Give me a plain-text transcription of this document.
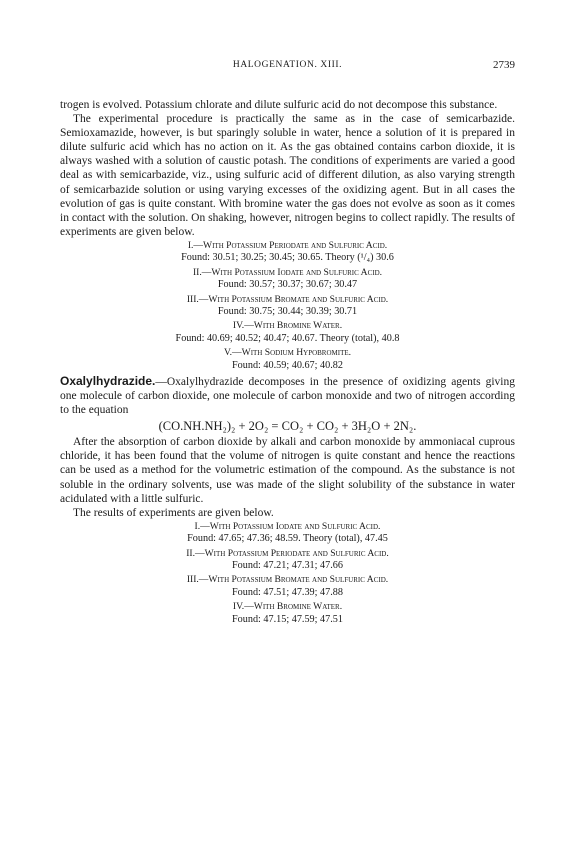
HALOGENATION. XIII.	2739

trogen is evolved. Potassium chlorate and dilute sulfuric acid do not decompose this substance.

The experimental procedure is practically the same as in the case of semicarbazide. Semioxamazide, however, is but sparingly soluble in water, hence a solution of it is prepared in dilute sulfuric acid which has no action on it. As the gas obtained contains carbon dioxide, it is always washed with a solution of caustic potash. The conditions of experiments are varied a good deal as with semicarbazide, viz., using sulfuric acid of different dilution, as also varying strength of semicarbazide solution or using varying excesses of the oxidizing agent. But in all cases the evolution of gas is quite constant. With bromine water the gas does not evolve as soon as it comes in contact with the solution. On shaking, however, nitrogen begins to collect rapidly. The results of experiments are given below.

I.—With Potassium Periodate and Sulfuric Acid.
Found: 30.51; 30.25; 30.45; 30.65. Theory (¹/₄) 30.6
II.—With Potassium Iodate and Sulfuric Acid.
Found: 30.57; 30.37; 30.67; 30.47
III.—With Potassium Bromate and Sulfuric Acid.
Found: 30.75; 30.44; 30.39; 30.71
IV.—With Bromine Water.
Found: 40.69; 40.52; 40.47; 40.67. Theory (total), 40.8
V.—With Sodium Hypobromite.
Found: 40.59; 40.67; 40.82

Oxalylhydrazide.—Oxalylhydrazide decomposes in the presence of oxidizing agents giving one molecule of carbon dioxide, one molecule of carbon monoxide and two of nitrogen according to the equation

(CO.NH.NH₂)₂ + 2O₂ = CO₂ + CO₂ + 3H₂O + 2N₂.

After the absorption of carbon dioxide by alkali and carbon monoxide by ammoniacal cuprous chloride, it has been found that the volume of nitrogen is quite constant and hence the reactions can be used as a method for the volumetric estimation of the compound. As the substance is not soluble in the ordinary solvents, use was made of the slight solubility of the substance in water acidulated with a little sulfuric.

The results of experiments are given below.

I.—With Potassium Iodate and Sulfuric Acid.
Found: 47.65; 47.36; 48.59. Theory (total), 47.45
II.—With Potassium Periodate and Sulfuric Acid.
Found: 47.21; 47.31; 47.66
III.—With Potassium Bromate and Sulfuric Acid.
Found: 47.51; 47.39; 47.88
IV.—With Bromine Water.
Found: 47.15; 47.59; 47.51
